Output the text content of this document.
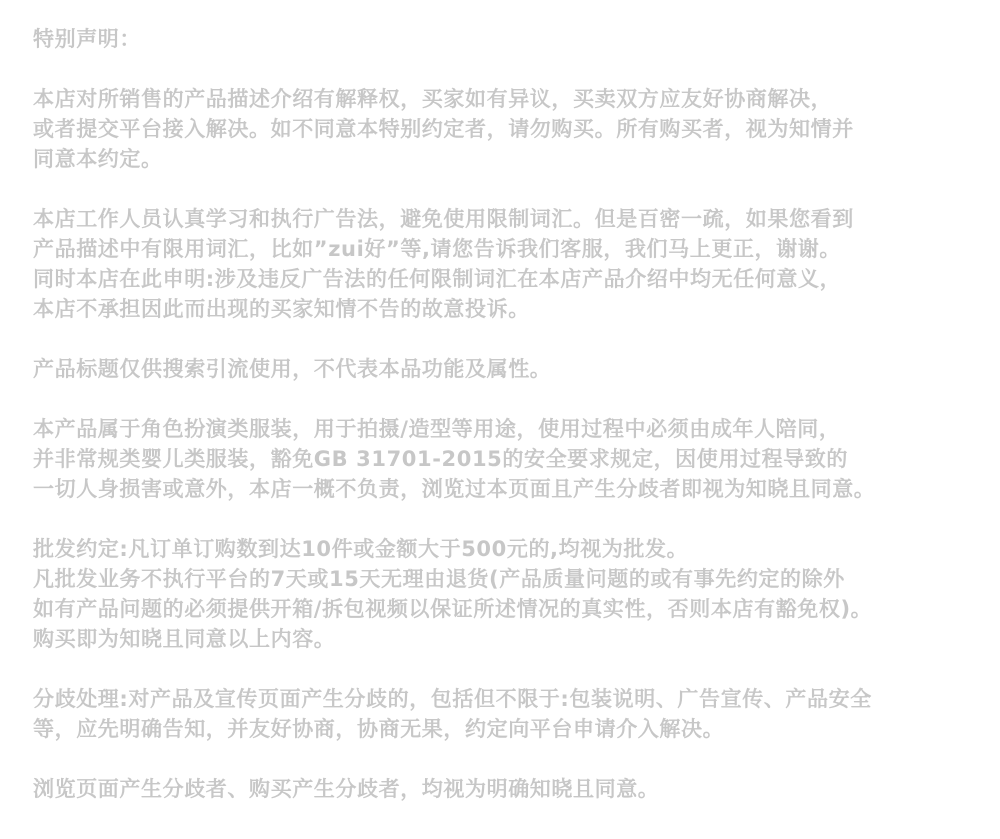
特别声明：
本店对所销售的产品描述介绍有解释权，买家如有异议，买卖双方应友好协商解决，
或者提交平台接入解决。如不同意本特别约定者，请勿购买。所有购买者，视为知情并
同意本约定。
本店工作人员认真学习和执行广告法，避免使用限制词汇。但是百密一疏，如果您看到
产品描述中有限用词汇，比如”zui好”等,请您告诉我们客服，我们马上更正，谢谢。
同时本店在此申明:涉及违反广告法的任何限制词汇在本店产品介绍中均无任何意义，
本店不承担因此而出现的买家知情不告的故意投诉。
产品标题仅供搜索引流使用，不代表本品功能及属性。
本产品属于角色扮演类服装，用于拍摄/造型等用途，使用过程中必须由成年人陪同，
并非常规类婴儿类服装，豁免GB 31701-2015的安全要求规定，因使用过程导致的
一切人身损害或意外，本店一概不负责，浏览过本页面且产生分歧者即视为知晓且同意。
批发约定:凡订单订购数到达10件或金额大于500元的,均视为批发。
凡批发业务不执行平台的7天或15天无理由退货(产品质量问题的或有事先约定的除外
如有产品问题的必须提供开箱/拆包视频以保证所述情况的真实性，否则本店有豁免权)。
购买即为知晓且同意以上内容。
分歧处理:对产品及宣传页面产生分歧的，包括但不限于:包装说明、广告宣传、产品安全
等，应先明确告知，并友好协商，协商无果，约定向平台申请介入解决。
浏览页面产生分歧者、购买产生分歧者，均视为明确知晓且同意。
